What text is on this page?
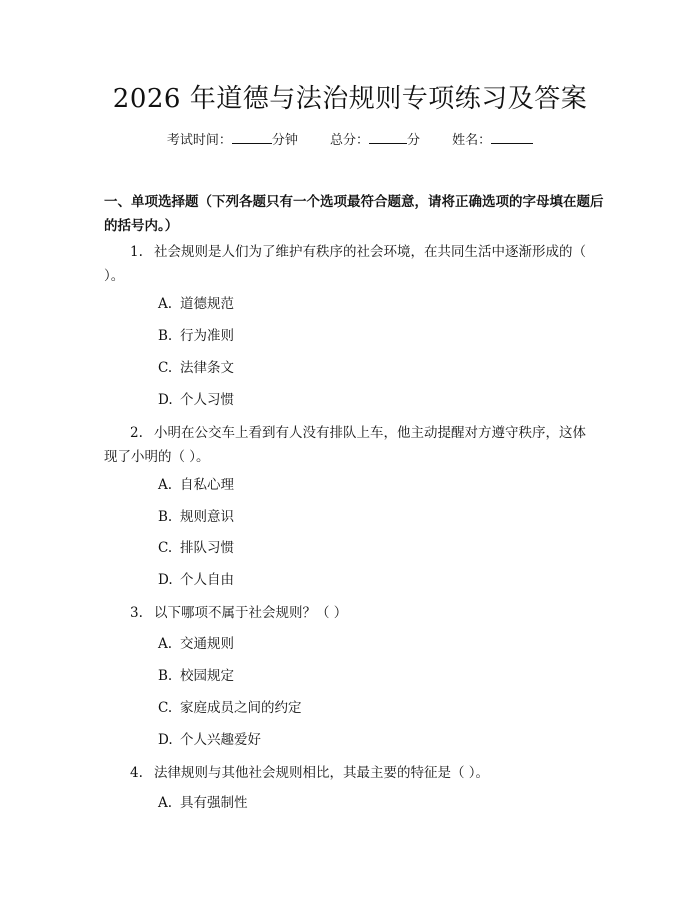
2026 年道德与法治规则专项练习及答案
考试时间：	分钟 总分：	分 姓名：
一、单项选择题（下列各题只有一个选项最符合题意，请将正确选项的字母填在题后的括号内。）
1. 社会规则是人们为了维护有秩序的社会环境，在共同生活中逐渐形成的（ ）。
A. 道德规范
B. 行为准则
C. 法律条文
D. 个人习惯
2. 小明在公交车上看到有人没有排队上车，他主动提醒对方遵守秩序，这体现了小明的（ ）。
A. 自私心理
B. 规则意识
C. 排队习惯
D. 个人自由
3. 以下哪项不属于社会规则？（ ）
A. 交通规则
B. 校园规定
C. 家庭成员之间的约定
D. 个人兴趣爱好
4. 法律规则与其他社会规则相比，其最主要的特征是（ ）。
A. 具有强制性
